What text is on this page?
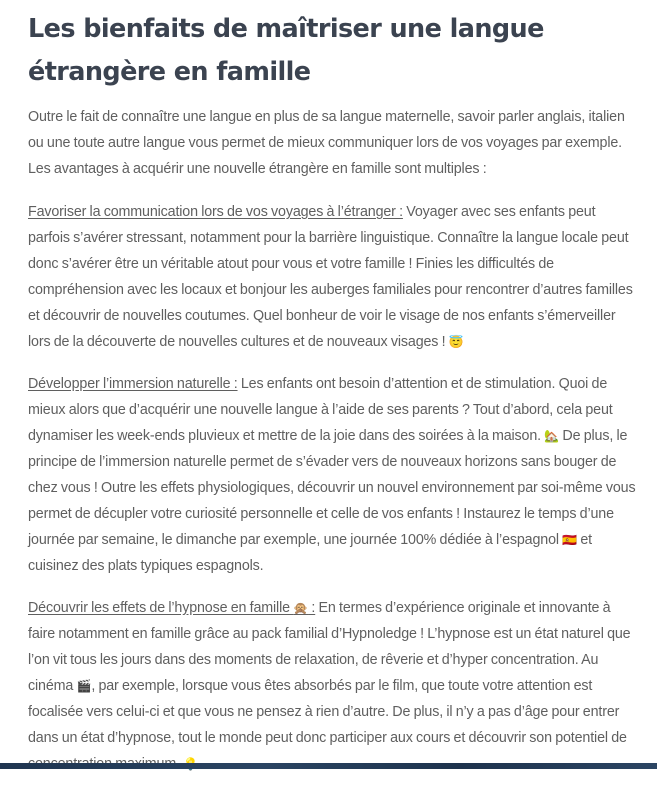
Les bienfaits de maîtriser une langue étrangère en famille

Outre le fait de connaître une langue en plus de sa langue maternelle, savoir parler anglais, italien ou une toute autre langue vous permet de mieux communiquer lors de vos voyages par exemple. Les avantages à acquérir une nouvelle étrangère en famille sont multiples :

Favoriser la communication lors de vos voyages à l’étranger : Voyager avec ses enfants peut parfois s’avérer stressant, notamment pour la barrière linguistique. Connaître la langue locale peut donc s’avérer être un véritable atout pour vous et votre famille ! Finies les difficultés de compréhension avec les locaux et bonjour les auberges familiales pour rencontrer d’autres familles et découvrir de nouvelles coutumes. Quel bonheur de voir le visage de nos enfants s’émerveiller lors de la découverte de nouvelles cultures et de nouveaux visages ! 😇

Développer l’immersion naturelle : Les enfants ont besoin d’attention et de stimulation. Quoi de mieux alors que d’acquérir une nouvelle langue à l’aide de ses parents ? Tout d’abord, cela peut dynamiser les week-ends pluvieux et mettre de la joie dans des soirées à la maison. 🏡 De plus, le principe de l’immersion naturelle permet de s’évader vers de nouveaux horizons sans bouger de chez vous ! Outre les effets physiologiques, découvrir un nouvel environnement par soi-même vous permet de décupler votre curiosité personnelle et celle de vos enfants ! Instaurez le temps d’une journée par semaine, le dimanche par exemple, une journée 100% dédiée à l’espagnol 🇪🇸 et cuisinez des plats typiques espagnols.

Découvrir les effets de l’hypnose en famille 🙊 : En termes d’expérience originale et innovante à faire notamment en famille grâce au pack familial d’Hypnoledge ! L’hypnose est un état naturel que l’on vit tous les jours dans des moments de relaxation, de rêverie et d’hyper concentration. Au cinéma 🎬, par exemple, lorsque vous êtes absorbés par le film, que toute votre attention est focalisée vers celui-ci et que vous ne pensez à rien d’autre. De plus, il n’y a pas d’âge pour entrer dans un état d’hypnose, tout le monde peut donc participer aux cours et découvrir son potentiel de
